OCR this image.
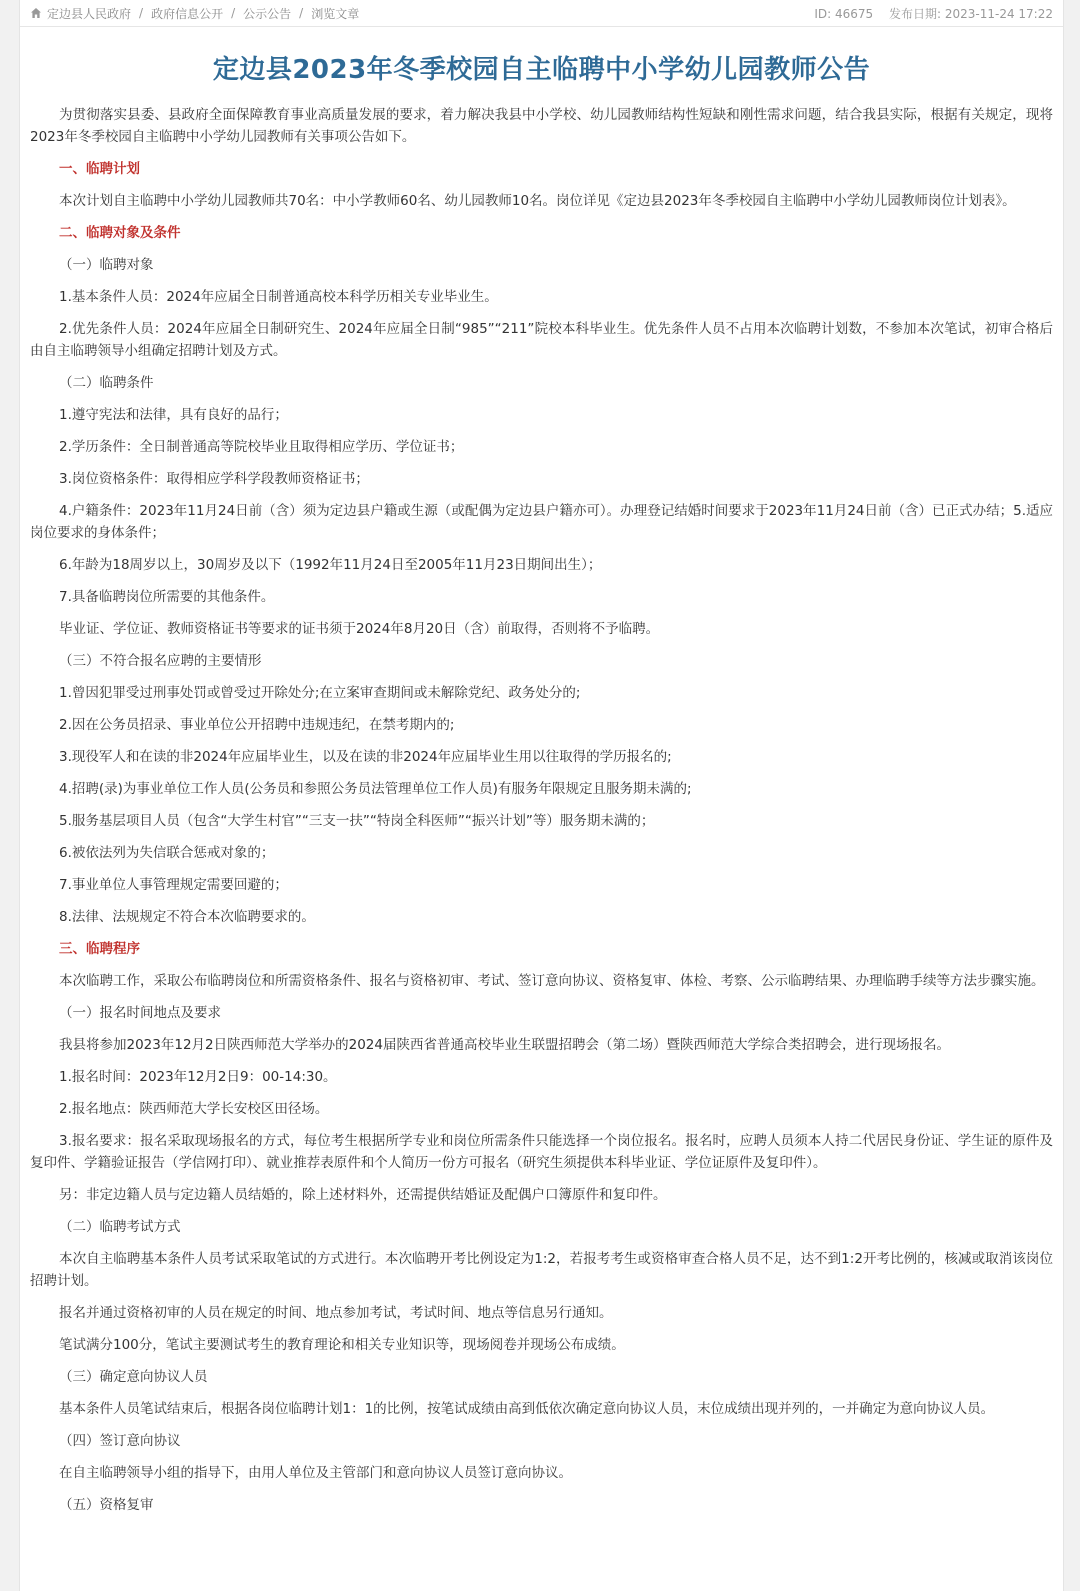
定边县人民政府 / 政府信息公开 / 公示公告 / 浏览文章	ID: 46675 发布日期: 2023-11-24 17:22
定边县2023年冬季校园自主临聘中小学幼儿园教师公告

为贯彻落实县委、县政府全面保障教育事业高质量发展的要求，着力解决我县中小学校、幼儿园教师结构性短缺和刚性需求问题，结合我县实际，根据有关规定，现将2023年冬季校园自主临聘中小学幼儿园教师有关事项公告如下。

一、临聘计划

本次计划自主临聘中小学幼儿园教师共70名：中小学教师60名、幼儿园教师10名。岗位详见《定边县2023年冬季校园自主临聘中小学幼儿园教师岗位计划表》。

二、临聘对象及条件

（一）临聘对象

1.基本条件人员：2024年应届全日制普通高校本科学历相关专业毕业生。

2.优先条件人员：2024年应届全日制研究生、2024年应届全日制“985”“211”院校本科毕业生。优先条件人员不占用本次临聘计划数，不参加本次笔试，初审合格后由自主临聘领导小组确定招聘计划及方式。

（二）临聘条件

1.遵守宪法和法律，具有良好的品行；

2.学历条件：全日制普通高等院校毕业且取得相应学历、学位证书；

3.岗位资格条件：取得相应学科学段教师资格证书；

4.户籍条件：2023年11月24日前（含）须为定边县户籍或生源（或配偶为定边县户籍亦可）。办理登记结婚时间要求于2023年11月24日前（含）已正式办结；5.适应岗位要求的身体条件；

6.年龄为18周岁以上，30周岁及以下（1992年11月24日至2005年11月23日期间出生）；

7.具备临聘岗位所需要的其他条件。

毕业证、学位证、教师资格证书等要求的证书须于2024年8月20日（含）前取得，否则将不予临聘。

（三）不符合报名应聘的主要情形

1.曾因犯罪受过刑事处罚或曾受过开除处分;在立案审查期间或未解除党纪、政务处分的;

2.因在公务员招录、事业单位公开招聘中违规违纪，在禁考期内的;

3.现役军人和在读的非2024年应届毕业生，以及在读的非2024年应届毕业生用以往取得的学历报名的;

4.招聘(录)为事业单位工作人员(公务员和参照公务员法管理单位工作人员)有服务年限规定且服务期未满的;

5.服务基层项目人员（包含“大学生村官”“三支一扶”“特岗全科医师”“振兴计划”等）服务期未满的；

6.被依法列为失信联合惩戒对象的；

7.事业单位人事管理规定需要回避的；

8.法律、法规规定不符合本次临聘要求的。

三、临聘程序

本次临聘工作，采取公布临聘岗位和所需资格条件、报名与资格初审、考试、签订意向协议、资格复审、体检、考察、公示临聘结果、办理临聘手续等方法步骤实施。

（一）报名时间地点及要求

我县将参加2023年12月2日陕西师范大学举办的2024届陕西省普通高校毕业生联盟招聘会（第二场）暨陕西师范大学综合类招聘会，进行现场报名。

1.报名时间：2023年12月2日9：00-14:30。

2.报名地点：陕西师范大学长安校区田径场。

3.报名要求：报名采取现场报名的方式，每位考生根据所学专业和岗位所需条件只能选择一个岗位报名。报名时，应聘人员须本人持二代居民身份证、学生证的原件及复印件、学籍验证报告（学信网打印）、就业推荐表原件和个人简历一份方可报名（研究生须提供本科毕业证、学位证原件及复印件）。

另：非定边籍人员与定边籍人员结婚的，除上述材料外，还需提供结婚证及配偶户口簿原件和复印件。

（二）临聘考试方式

本次自主临聘基本条件人员考试采取笔试的方式进行。本次临聘开考比例设定为1:2，若报考考生或资格审查合格人员不足，达不到1:2开考比例的，核减或取消该岗位招聘计划。

报名并通过资格初审的人员在规定的时间、地点参加考试，考试时间、地点等信息另行通知。

笔试满分100分，笔试主要测试考生的教育理论和相关专业知识等，现场阅卷并现场公布成绩。

（三）确定意向协议人员

基本条件人员笔试结束后，根据各岗位临聘计划1：1的比例，按笔试成绩由高到低依次确定意向协议人员，末位成绩出现并列的，一并确定为意向协议人员。

（四）签订意向协议

在自主临聘领导小组的指导下，由用人单位及主管部门和意向协议人员签订意向协议。

（五）资格复审
